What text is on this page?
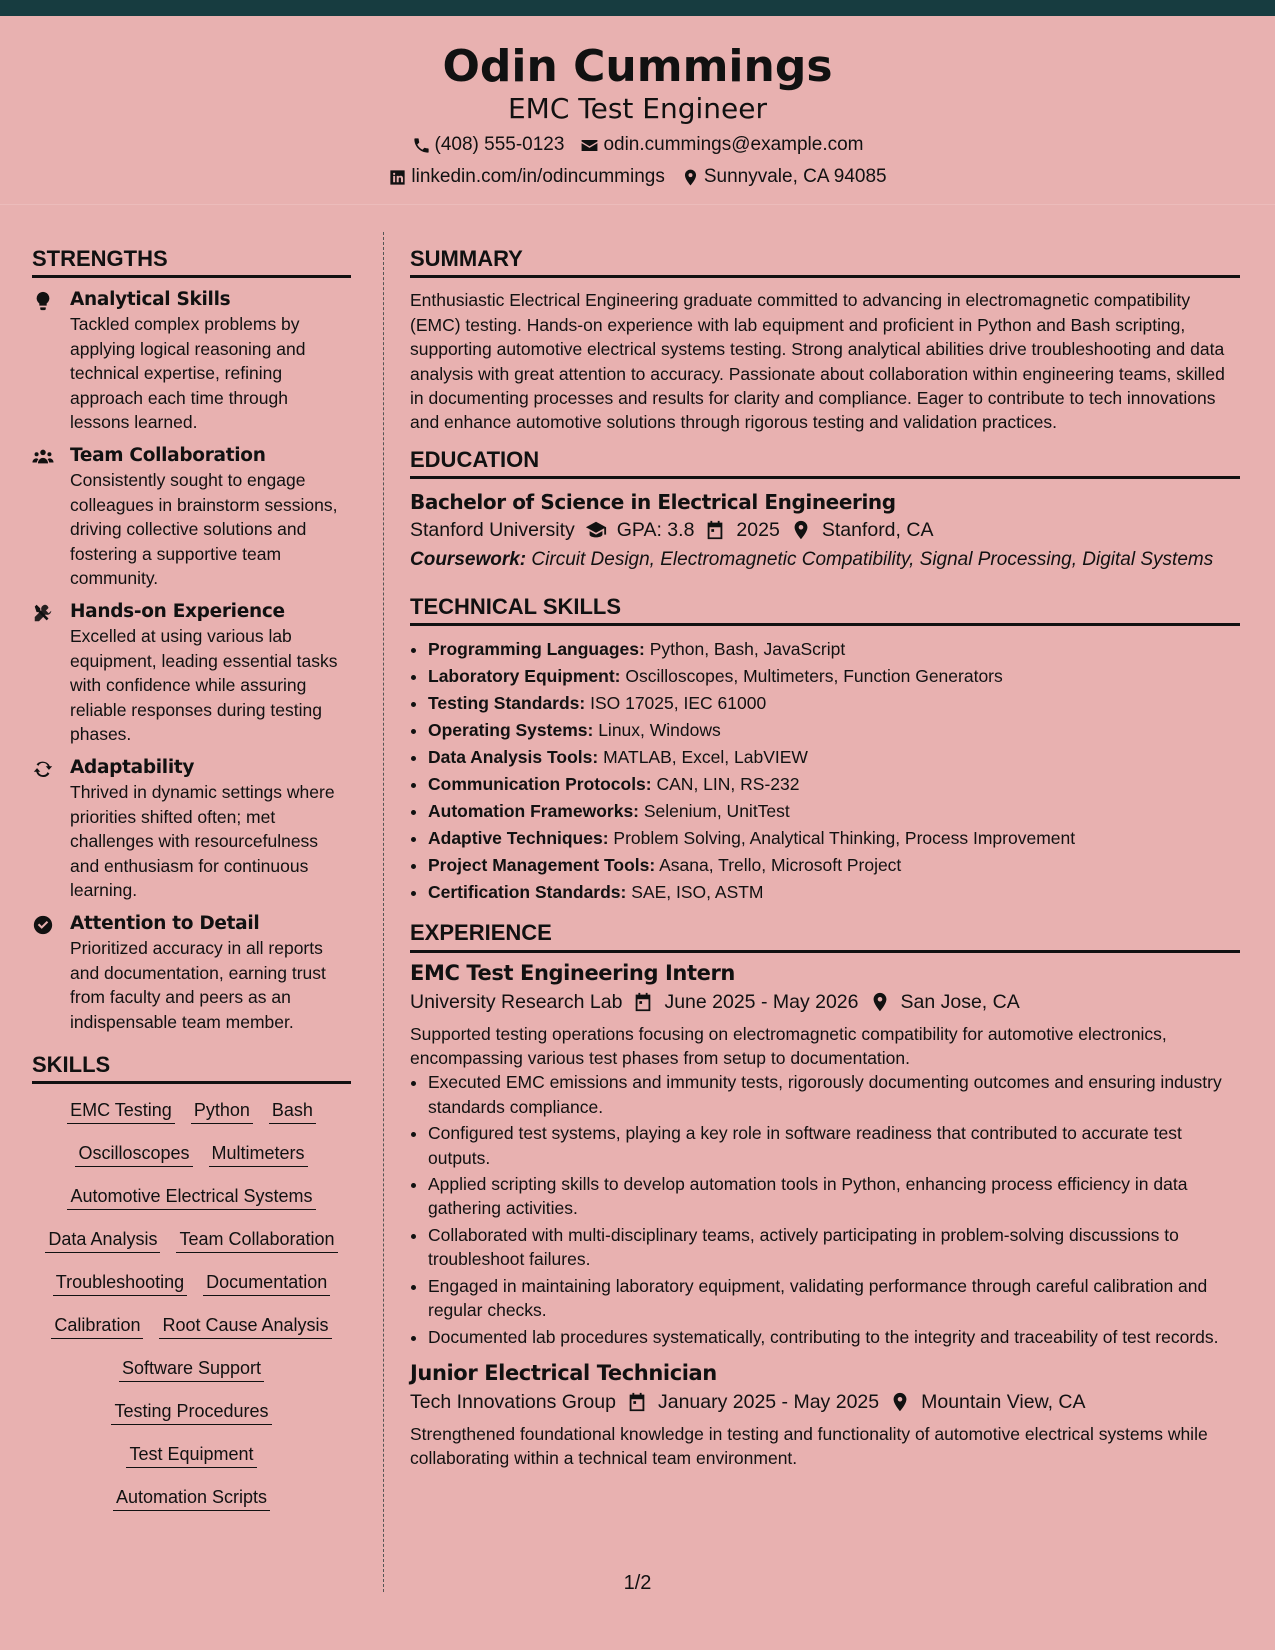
Odin Cummings
EMC Test Engineer
(408) 555-0123 odin.cummings@example.com
linkedin.com/in/odincummings Sunnyvale, CA 94085
STRENGTHS
Analytical Skills
Tackled complex problems by applying logical reasoning and technical expertise, refining approach each time through lessons learned.
Team Collaboration
Consistently sought to engage colleagues in brainstorm sessions, driving collective solutions and fostering a supportive team community.
Hands-on Experience
Excelled at using various lab equipment, leading essential tasks with confidence while assuring reliable responses during testing phases.
Adaptability
Thrived in dynamic settings where priorities shifted often; met challenges with resourcefulness and enthusiasm for continuous learning.
Attention to Detail
Prioritized accuracy in all reports and documentation, earning trust from faculty and peers as an indispensable team member.
SKILLS
EMC Testing Python Bash
Oscilloscopes Multimeters
Automotive Electrical Systems
Data Analysis Team Collaboration
Troubleshooting Documentation
Calibration Root Cause Analysis
Software Support
Testing Procedures
Test Equipment
Automation Scripts
SUMMARY

Enthusiastic Electrical Engineering graduate committed to advancing in electromagnetic compatibility (EMC) testing. Hands-on experience with lab equipment and proficient in Python and Bash scripting, supporting automotive electrical systems testing. Strong analytical abilities drive troubleshooting and data analysis with great attention to accuracy. Passionate about collaboration within engineering teams, skilled in documenting processes and results for clarity and compliance. Eager to contribute to tech innovations and enhance automotive solutions through rigorous testing and validation practices.

EDUCATION
Bachelor of Science in Electrical Engineering
Stanford University GPA: 3.8 2025 Stanford, CA
Coursework: Circuit Design, Electromagnetic Compatibility, Signal Processing, Digital Systems
TECHNICAL SKILLS
• Programming Languages: Python, Bash, JavaScript
• Laboratory Equipment: Oscilloscopes, Multimeters, Function Generators
• Testing Standards: ISO 17025, IEC 61000
• Operating Systems: Linux, Windows
• Data Analysis Tools: MATLAB, Excel, LabVIEW
• Communication Protocols: CAN, LIN, RS-232
• Automation Frameworks: Selenium, UnitTest
• Adaptive Techniques: Problem Solving, Analytical Thinking, Process Improvement
• Project Management Tools: Asana, Trello, Microsoft Project
• Certification Standards: SAE, ISO, ASTM
EXPERIENCE
EMC Test Engineering Intern
University Research Lab June 2025 - May 2026 San Jose, CA
Supported testing operations focusing on electromagnetic compatibility for automotive electronics, encompassing various test phases from setup to documentation.
• Executed EMC emissions and immunity tests, rigorously documenting outcomes and ensuring industry standards compliance.
• Configured test systems, playing a key role in software readiness that contributed to accurate test outputs.
• Applied scripting skills to develop automation tools in Python, enhancing process efficiency in data gathering activities.
• Collaborated with multi-disciplinary teams, actively participating in problem-solving discussions to troubleshoot failures.
• Engaged in maintaining laboratory equipment, validating performance through careful calibration and regular checks.
• Documented lab procedures systematically, contributing to the integrity and traceability of test records.
Junior Electrical Technician
Tech Innovations Group January 2025 - May 2025 Mountain View, CA
Strengthened foundational knowledge in testing and functionality of automotive electrical systems while collaborating within a technical team environment.
1/2
